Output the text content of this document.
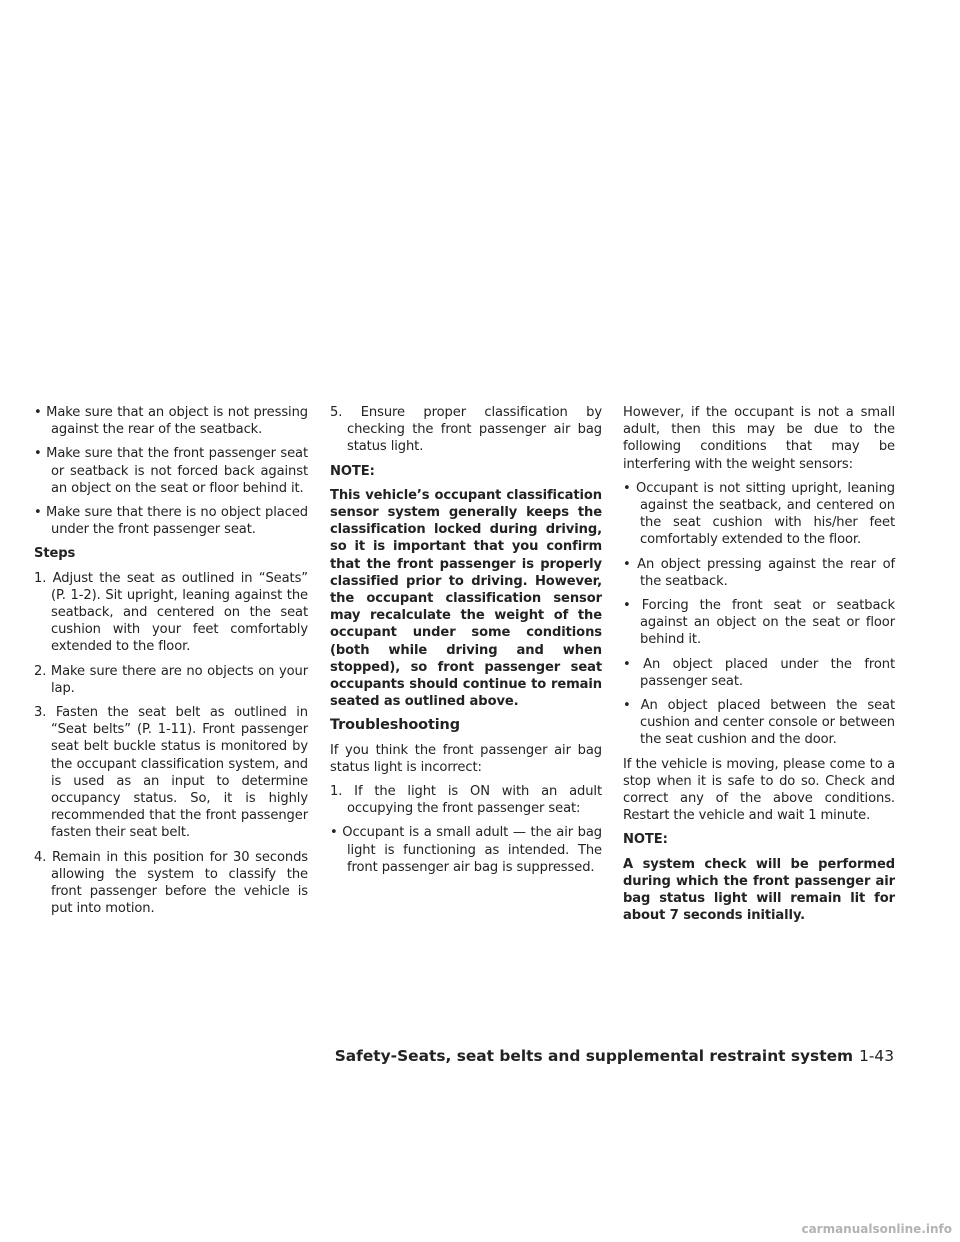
• Make sure that an object is not pressing against the rear of the seatback.

• Make sure that the front passenger seat or seatback is not forced back against an object on the seat or floor behind it.

• Make sure that there is no object placed under the front passenger seat.

Steps

1. Adjust the seat as outlined in “Seats” (P. 1-2). Sit upright, leaning against the seatback, and centered on the seat cushion with your feet comfortably extended to the floor.

2. Make sure there are no objects on your lap.

3. Fasten the seat belt as outlined in “Seat belts” (P. 1-11). Front passenger seat belt buckle status is monitored by the occupant classification system, and is used as an input to determine occupancy status. So, it is highly recommended that the front passenger fasten their seat belt.

4. Remain in this position for 30 seconds allowing the system to classify the front passenger before the vehicle is put into motion.

5. Ensure proper classification by checking the front passenger air bag status light.

NOTE:

This vehicle’s occupant classification sensor system generally keeps the classification locked during driving, so it is important that you confirm that the front passenger is properly classified prior to driving. However, the occupant classification sensor may recalculate the weight of the occupant under some conditions (both while driving and when stopped), so front passenger seat occupants should continue to remain seated as outlined above.

Troubleshooting

If you think the front passenger air bag status light is incorrect:

1. If the light is ON with an adult occupying the front passenger seat:

• Occupant is a small adult — the air bag light is functioning as intended. The front passenger air bag is suppressed.

However, if the occupant is not a small adult, then this may be due to the following conditions that may be interfering with the weight sensors:

• Occupant is not sitting upright, leaning against the seatback, and centered on the seat cushion with his/her feet comfortably extended to the floor.

• An object pressing against the rear of the seatback.

• Forcing the front seat or seatback against an object on the seat or floor behind it.

• An object placed under the front passenger seat.

• An object placed between the seat cushion and center console or between the seat cushion and the door.

If the vehicle is moving, please come to a stop when it is safe to do so. Check and correct any of the above conditions. Restart the vehicle and wait 1 minute.

NOTE:

A system check will be performed during which the front passenger air bag status light will remain lit for about 7 seconds initially.

Safety-Seats, seat belts and supplemental restraint system 1-43
carmanualsonline.info
